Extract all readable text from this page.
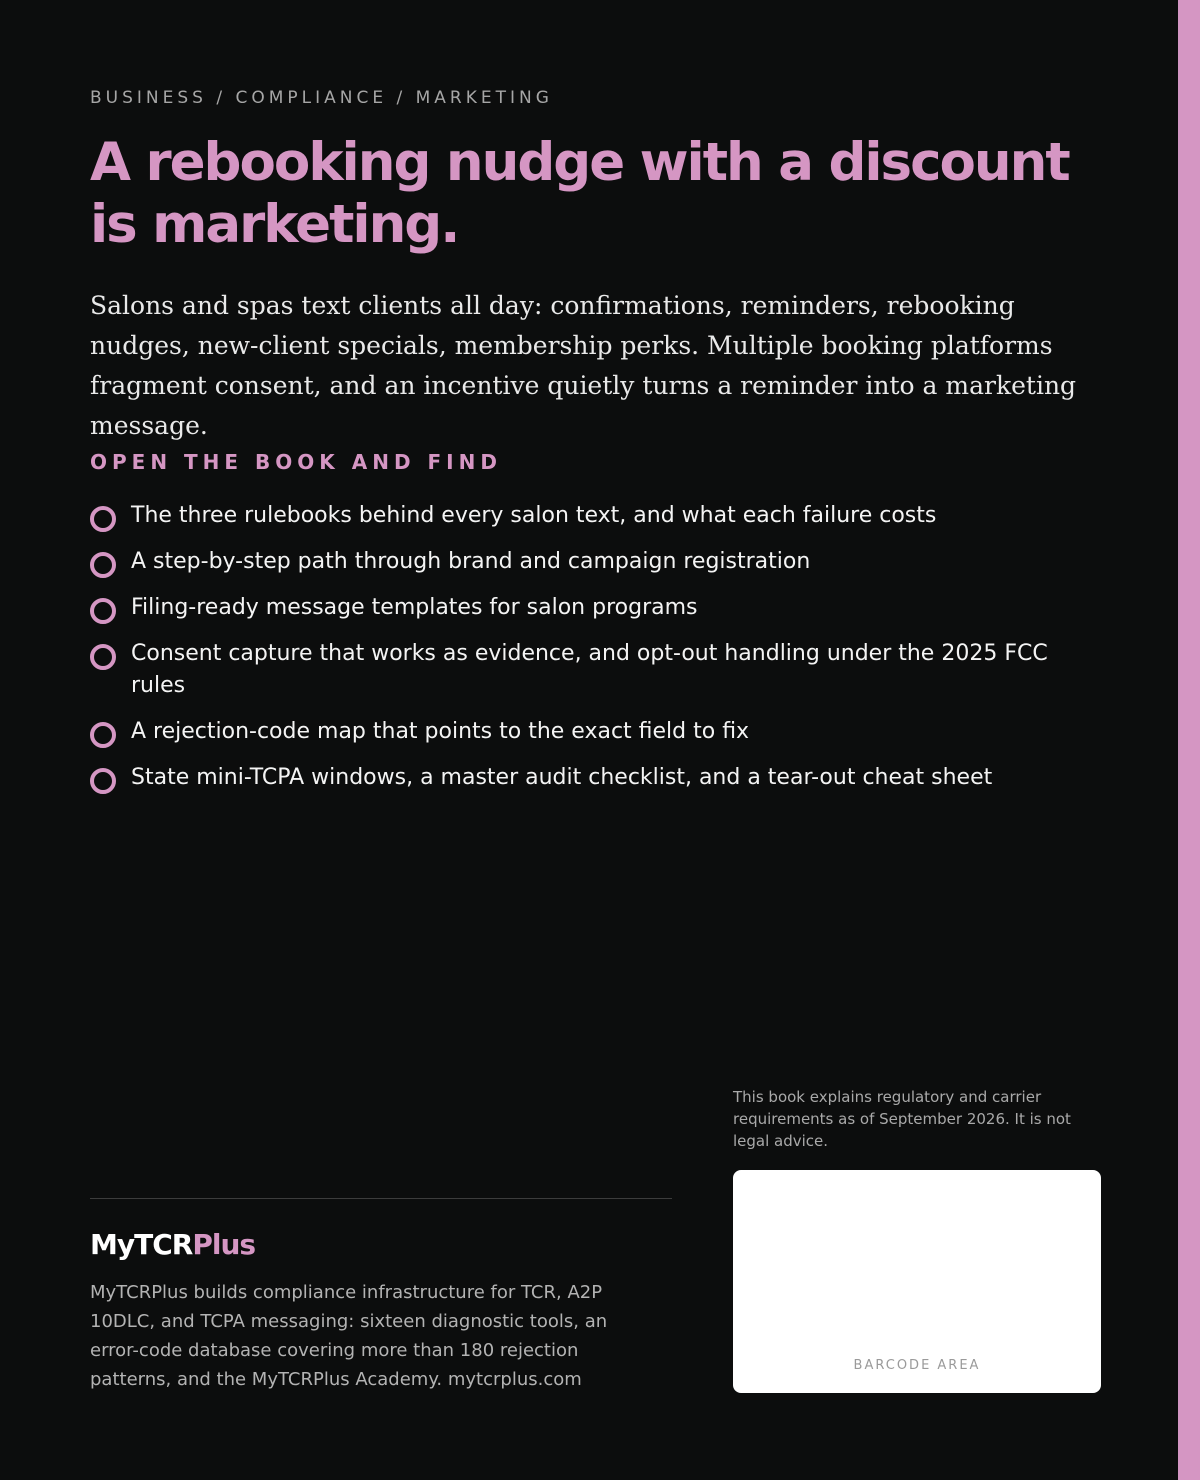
BUSINESS / COMPLIANCE / MARKETING
A rebooking nudge with a discount is marketing.

Salons and spas text clients all day: confirmations, reminders, rebooking nudges, new-client specials, membership perks. Multiple booking platforms fragment consent, and an incentive quietly turns a reminder into a marketing message.

OPEN THE BOOK AND FIND
The three rulebooks behind every salon text, and what each failure costs
A step-by-step path through brand and campaign registration
Filing-ready message templates for salon programs
Consent capture that works as evidence, and opt-out handling under the 2025 FCC rules
A rejection-code map that points to the exact field to fix
State mini-TCPA windows, a master audit checklist, and a tear-out cheat sheet

This book explains regulatory and carrier requirements as of September 2026. It is not legal advice.

BARCODE AREA
MyTCRPlus

MyTCRPlus builds compliance infrastructure for TCR, A2P 10DLC, and TCPA messaging: sixteen diagnostic tools, an error-code database covering more than 180 rejection patterns, and the MyTCRPlus Academy. mytcrplus.com
